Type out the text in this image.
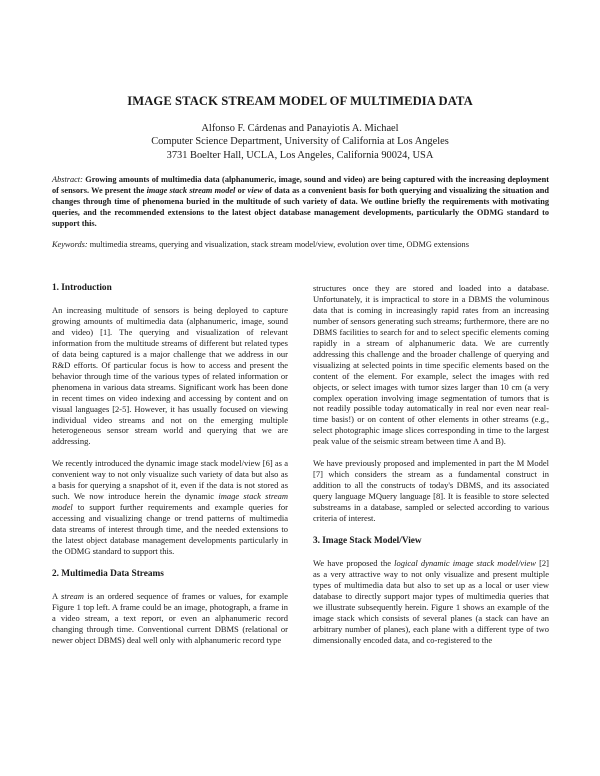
IMAGE STACK STREAM MODEL OF MULTIMEDIA DATA
Alfonso F. Cárdenas and Panayiotis A. Michael
Computer Science Department, University of California at Los Angeles
3731 Boelter Hall, UCLA, Los Angeles, California 90024, USA
Abstract: Growing amounts of multimedia data (alphanumeric, image, sound and video) are being captured with the increasing deployment of sensors. We present the image stack stream model or view of data as a convenient basis for both querying and visualizing the situation and changes through time of phenomena buried in the multitude of such variety of data. We outline briefly the requirements with motivating queries, and the recommended extensions to the latest object database management developments, particularly the ODMG standard to support this.
Keywords: multimedia streams, querying and visualization, stack stream model/view, evolution over time, ODMG extensions
1. Introduction

An increasing multitude of sensors is being deployed to capture growing amounts of multimedia data (alphanumeric, image, sound and video) [1]. The querying and visualization of relevant information from the multitude streams of different but related types of data being captured is a major challenge that we address in our R&D efforts. Of particular focus is how to access and present the behavior through time of the various types of related information or phenomena in various data streams. Significant work has been done in recent times on video indexing and accessing by content and on visual languages [2-5]. However, it has usually focused on viewing individual video streams and not on the emerging multiple heterogeneous sensor stream world and querying that we are addressing.

We recently introduced the dynamic image stack model/view [6] as a convenient way to not only visualize such variety of data but also as a basis for querying a snapshot of it, even if the data is not stored as such. We now introduce herein the dynamic image stack stream model to support further requirements and example queries for accessing and visualizing change or trend patterns of multimedia data streams of interest through time, and the needed extensions to the latest object database management developments particularly in the ODMG standard to support this.

2. Multimedia Data Streams

A stream is an ordered sequence of frames or values, for example Figure 1 top left. A frame could be an image, photograph, a frame in a video stream, a text report, or even an alphanumeric record changing through time. Conventional current DBMS (relational or newer object DBMS) deal well only with alphanumeric record type

structures once they are stored and loaded into a database. Unfortunately, it is impractical to store in a DBMS the voluminous data that is coming in increasingly rapid rates from an increasing number of sensors generating such streams; furthermore, there are no DBMS facilities to search for and to select specific elements coming rapidly in a stream of alphanumeric data. We are currently addressing this challenge and the broader challenge of querying and visualizing at selected points in time specific elements based on the content of the element. For example, select the images with red objects, or select images with tumor sizes larger than 10 cm (a very complex operation involving image segmentation of tumors that is not readily possible today automatically in real nor even near real-time basis!) or on content of other elements in other streams (e.g., select photographic image slices corresponding in time to the largest peak value of the seismic stream between time A and B).

We have previously proposed and implemented in part the M Model [7] which considers the stream as a fundamental construct in addition to all the constructs of today's DBMS, and its associated query language MQuery language [8]. It is feasible to store selected substreams in a database, sampled or selected according to various criteria of interest.

3. Image Stack Model/View

We have proposed the logical dynamic image stack model/view [2] as a very attractive way to not only visualize and present multiple types of multimedia data but also to set up as a local or user view database to directly support major types of multimedia queries that we illustrate subsequently herein. Figure 1 shows an example of the image stack which consists of several planes (a stack can have an arbitrary number of planes), each plane with a different type of two dimensionally encoded data, and co-registered to the
